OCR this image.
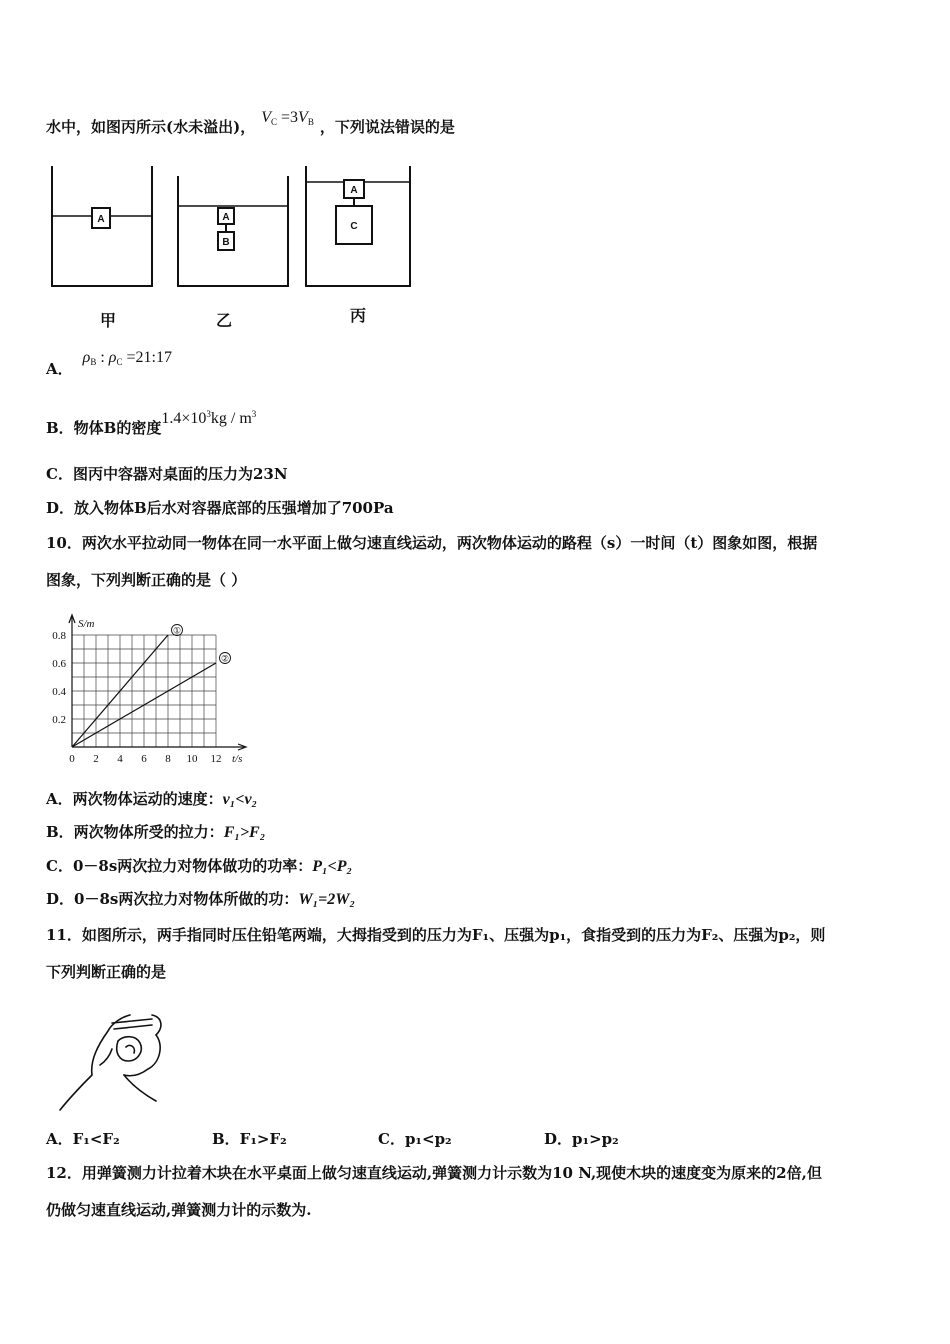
水中，如图丙所示(水未溢出)，$V_C =3V_B$ ，下列说法错误的是
A	A
B
A
C
甲	乙	丙
A．$\rho_B$ : $\rho_C$ =21:17
B．物体B的密度$1.4\times 10^3kg / m^3$
C．图丙中容器对桌面的压力为23N
D．放入物体B后水对容器底部的压强增加了700Pa
10．两次水平拉动同一物体在同一水平面上做匀速直线运动，两次物体运动的路程（s）一时间（t）图象如图，根据
图象，下列判断正确的是（ ）
0 2 4 6 8 10 12
0.2
0.4
0.6
0.8
S/m
t/s
①
②
A．两次物体运动的速度：v₁<v₂
B．两次物体所受的拉力：F₁>F₂
C．0－8s两次拉力对物体做功的功率：P₁<P₂
D．0－8s两次拉力对物体所做的功：W₁=2W₂
11．如图所示，两手指同时压住铅笔两端，大拇指受到的压力为F₁、压强为p₁，食指受到的压力为F₂、压强为p₂，则
下列判断正确的是
A．F₁<F₂	B．F₁>F₂	C．p₁<p₂	D．p₁>p₂
12．用弹簧测力计拉着木块在水平桌面上做匀速直线运动,弹簧测力计示数为10 N,现使木块的速度变为原来的2倍,但
仍做匀速直线运动,弹簧测力计的示数为.
